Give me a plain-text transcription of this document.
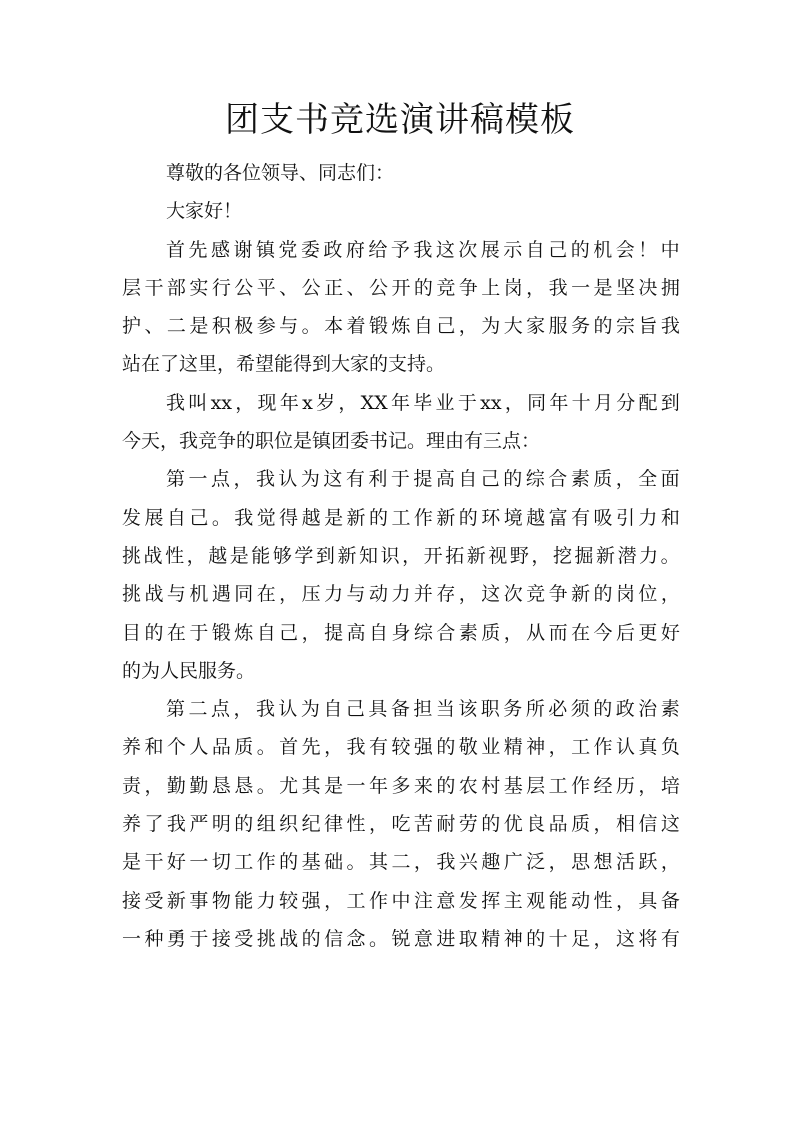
团支书竞选演讲稿模板
尊敬的各位领导、同志们：
大家好！
首 先 感 谢 镇 党 委 政 府 给 予 我 这 次 展 示 自 己 的 机 会 ！ 中
层 干 部 实 行 公 平 、 公 正 、 公 开 的 竞 争 上 岗 ， 我 一 是 坚 决 拥
护 、 二 是 积 极 参 与 。 本 着 锻 炼 自 己 ， 为 大 家 服 务 的 宗 旨 我
站在了这里，希望能得到大家的支持。
我 叫 xx ， 现 年 x 岁 ， XX 年 毕 业 于 xx ， 同 年 十 月 分 配 到
今天，我竞争的职位是镇团委书记。理由有三点：
第 一 点 ， 我 认 为 这 有 利 于 提 高 自 己 的 综 合 素 质 ， 全 面
发 展 自 己 。 我 觉 得 越 是 新 的 工 作 新 的 环 境 越 富 有 吸 引 力 和
挑 战 性 ， 越 是 能 够 学 到 新 知 识 ， 开 拓 新 视 野 ， 挖 掘 新 潜 力 。
挑 战 与 机 遇 同 在 ， 压 力 与 动 力 并 存 ， 这 次 竞 争 新 的 岗 位 ，
目 的 在 于 锻 炼 自 己 ， 提 高 自 身 综 合 素 质 ， 从 而 在 今 后 更 好
的为人民服务。
第 二 点 ， 我 认 为 自 己 具 备 担 当 该 职 务 所 必 须 的 政 治 素
养 和 个 人 品 质 。 首 先 ， 我 有 较 强 的 敬 业 精 神 ， 工 作 认 真 负
责 ， 勤 勤 恳 恳 。 尤 其 是 一 年 多 来 的 农 村 基 层 工 作 经 历 ， 培
养 了 我 严 明 的 组 织 纪 律 性 ， 吃 苦 耐 劳 的 优 良 品 质 ， 相 信 这
是 干 好 一 切 工 作 的 基 础 。 其 二 ， 我 兴 趣 广 泛 ， 思 想 活 跃 ，
接 受 新 事 物 能 力 较 强 ， 工 作 中 注 意 发 挥 主 观 能 动 性 ， 具 备
一 种 勇 于 接 受 挑 战 的 信 念 。 锐 意 进 取 精 神 的 十 足 ， 这 将 有
